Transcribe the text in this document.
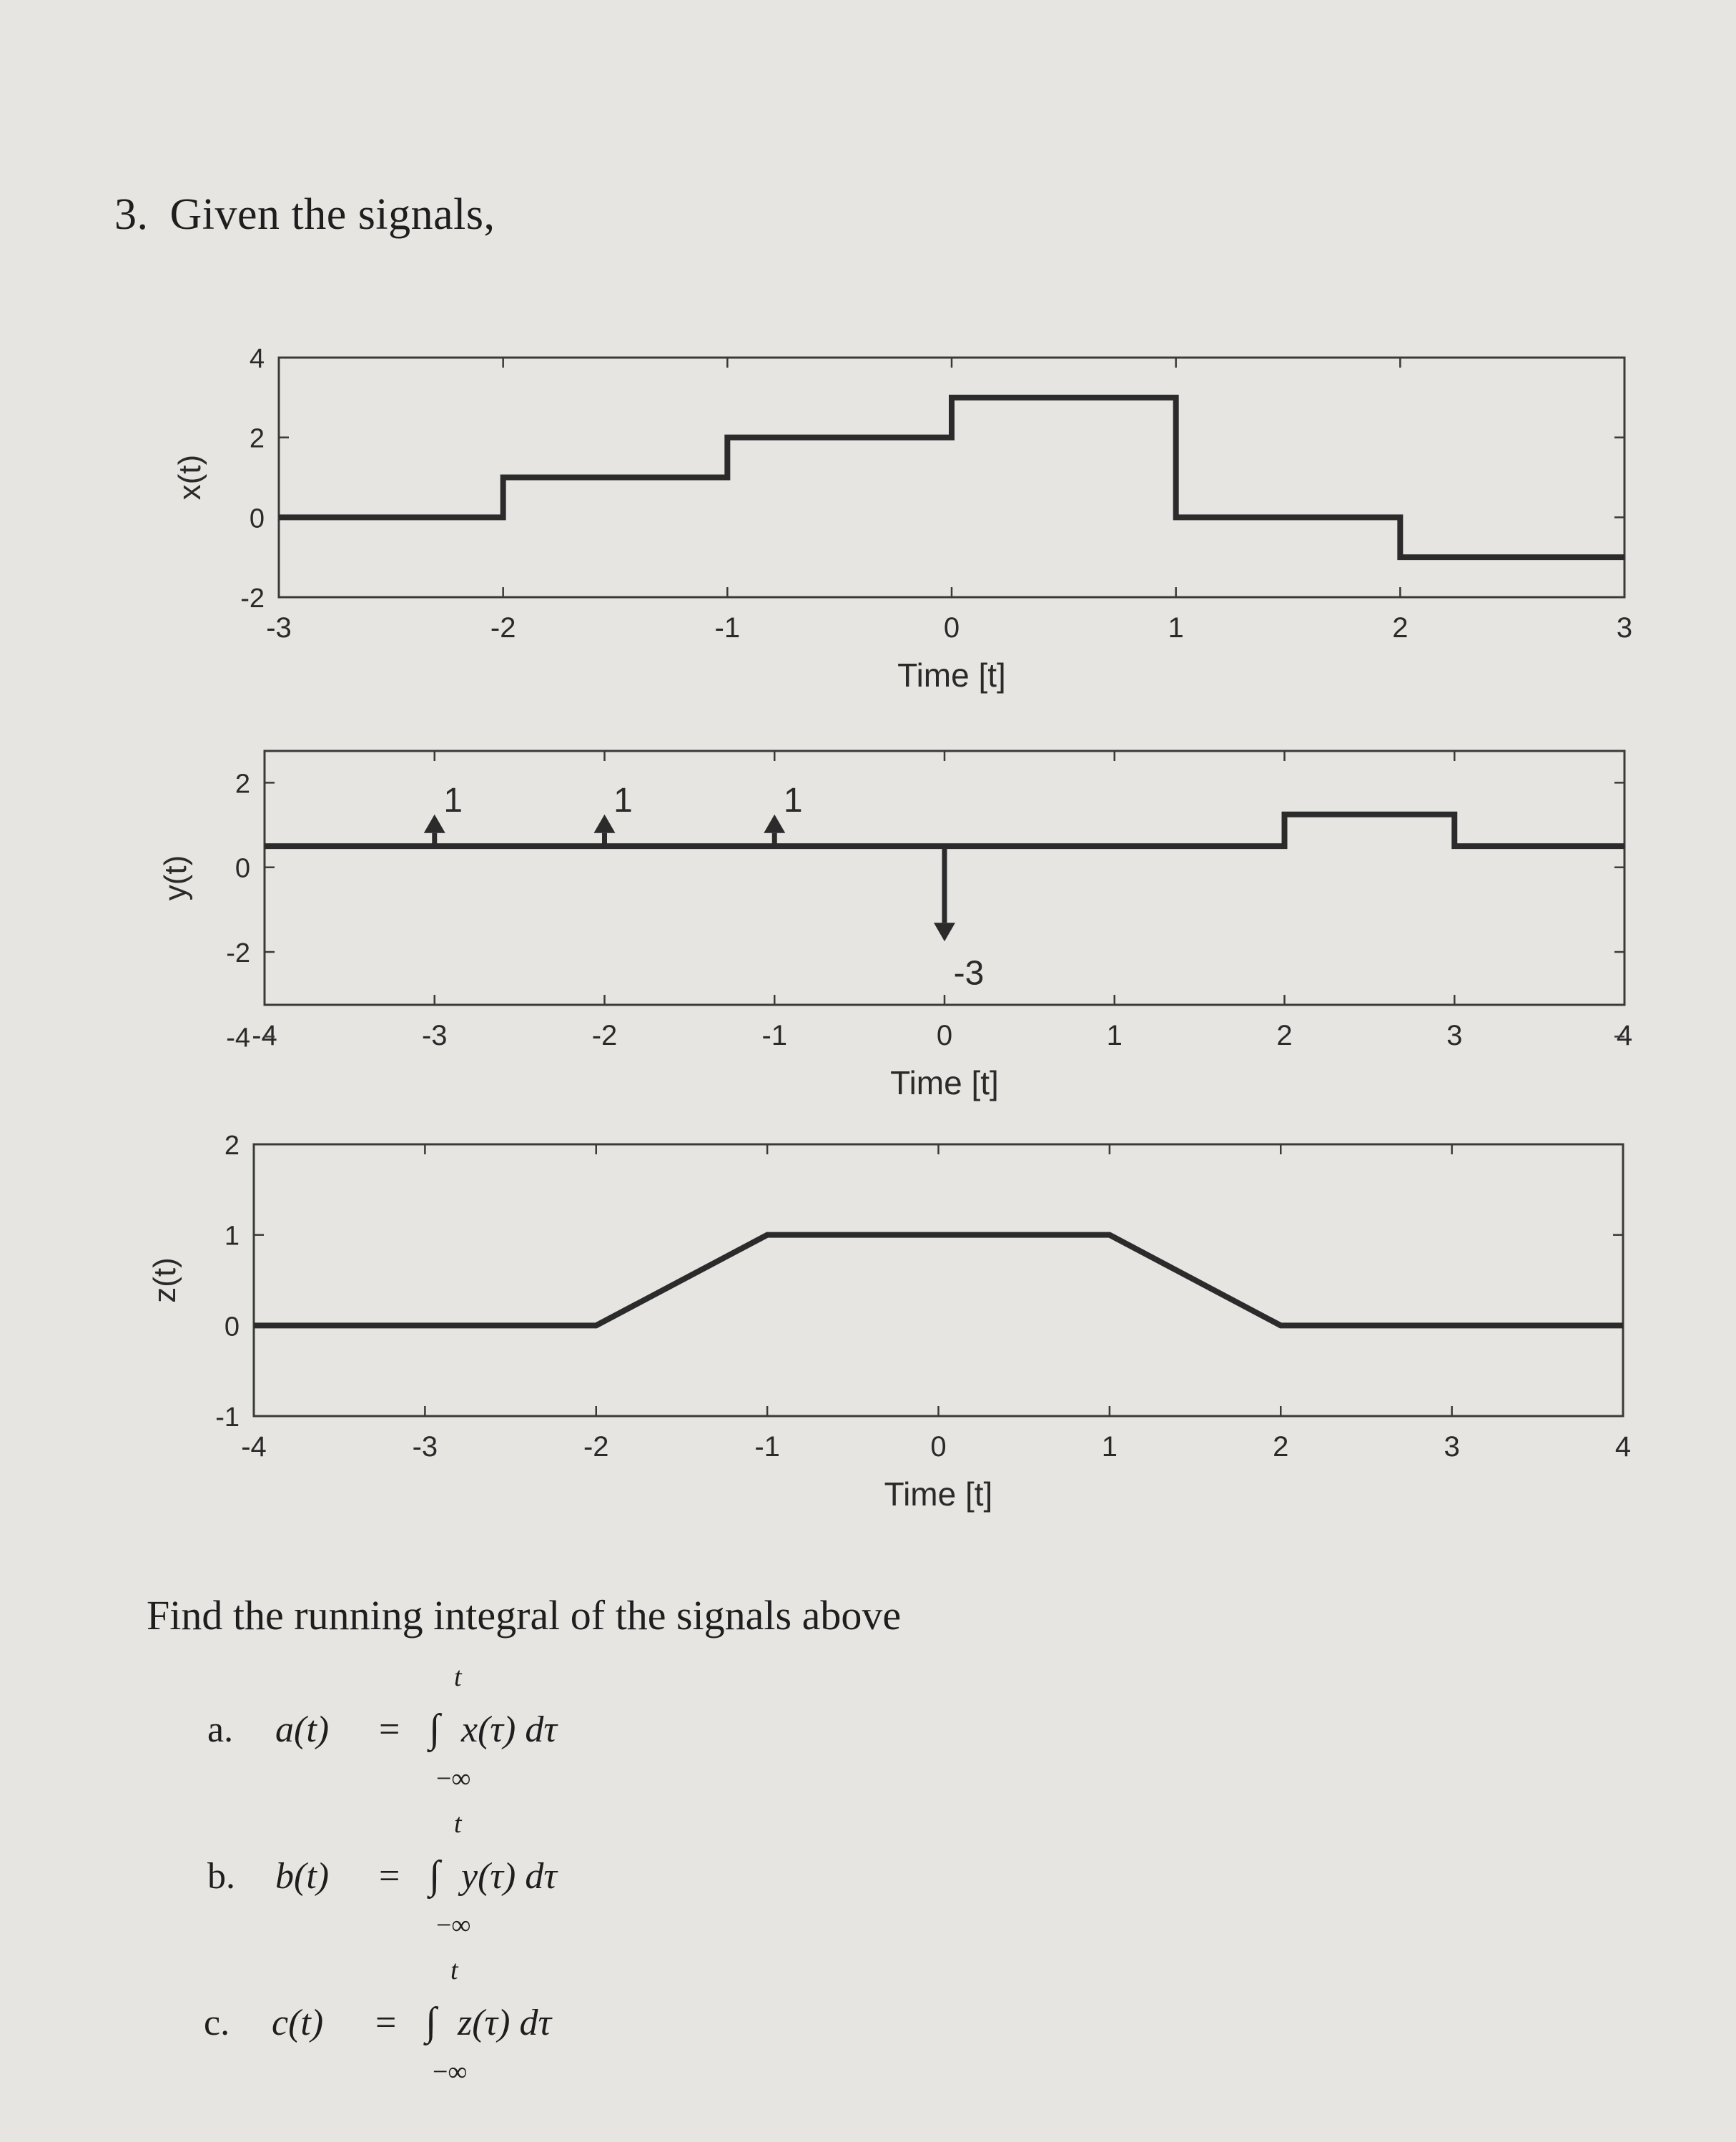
3. Given the signals,
-3	-2	-1	0	1	2	3
4
2
0
-2
x(t)
Time [t]
-4	-3	-2	-1	0	1	2	3	4
2
0
-2
-4
y(t)
Time [t]
1	1	1
-3
-4	-3	-2	-1	0	1	2	3	4
2
1
0
-1
z(t)
Time [t]
Find the running integral of the signals above
a. a(t) = ∫ x(τ) dτ
t
−∞
b. b(t) = ∫ y(τ) dτ
t
−∞
c. c(t) = ∫ z(τ) dτ
t
−∞
